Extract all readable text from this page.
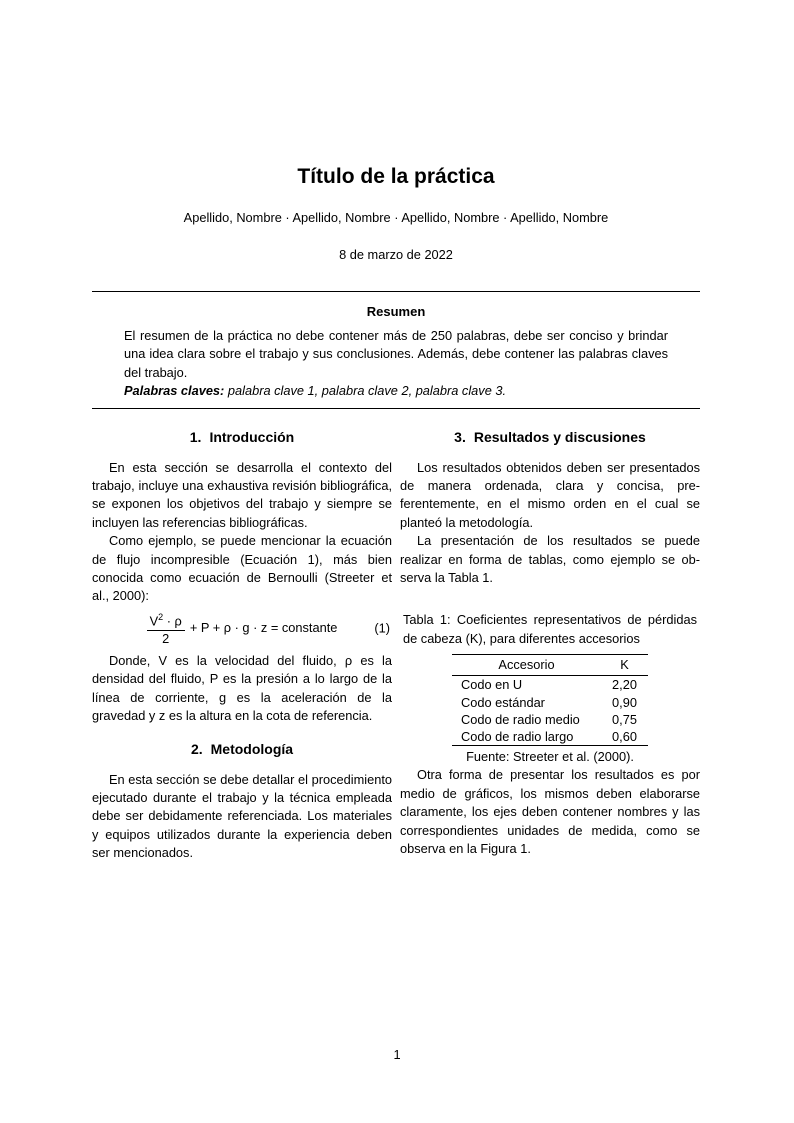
Título de la práctica
Apellido, Nombre · Apellido, Nombre · Apellido, Nombre · Apellido, Nombre
8 de marzo de 2022
Resumen

El resumen de la práctica no debe contener más de 250 palabras, debe ser conciso y brindar una idea clara sobre el trabajo y sus conclusiones. Además, debe contener las palabras claves del trabajo.

Palabras claves: palabra clave 1, palabra clave 2, palabra clave 3.

1. Introducción

En esta sección se desarrolla el contexto del trabajo, incluye una exhaustiva revisión bibliográfica, se exponen los objetivos del trabajo y siempre se incluyen las referencias bibliográficas.

Como ejemplo, se puede mencionar la ecuación de flujo incompresible (Ecuación 1), más bien conocida como ecuación de Bernoulli (Streeter et al., 2000):

$\frac{V^2 \cdot \rho}{2} + P + \rho \cdot g \cdot z$ = constante	(1)

Donde, V es la velocidad del fluido, ρ es la densidad del fluido, P es la presión a lo largo de la línea de corriente, g es la aceleración de la gravedad y z es la altura en la cota de referencia.

2. Metodología

En esta sección se debe detallar el procedimiento ejecutado durante el trabajo y la técnica empleada debe ser debidamente referenciada. Los materiales y equipos utilizados durante la experiencia deben ser mencionados.

3. Resultados y discusiones

Los resultados obtenidos deben ser presentados de manera ordenada, clara y concisa, preferentemente, en el mismo orden en el cual se planteó la metodología.

La presentación de los resultados se puede realizar en forma de tablas, como ejemplo se observa la Tabla 1.

Tabla 1: Coeficientes representativos de pérdidas de cabeza (K), para diferentes accesorios

Accesorio	K
Codo en U	2,20
Codo estándar	0,90
Codo de radio medio	0,75
Codo de radio largo	0,60
Fuente: Streeter et al. (2000).

Otra forma de presentar los resultados es por medio de gráficos, los mismos deben elaborarse claramente, los ejes deben contener nombres y las correspondientes unidades de medida, como se observa en la Figura 1.

1
